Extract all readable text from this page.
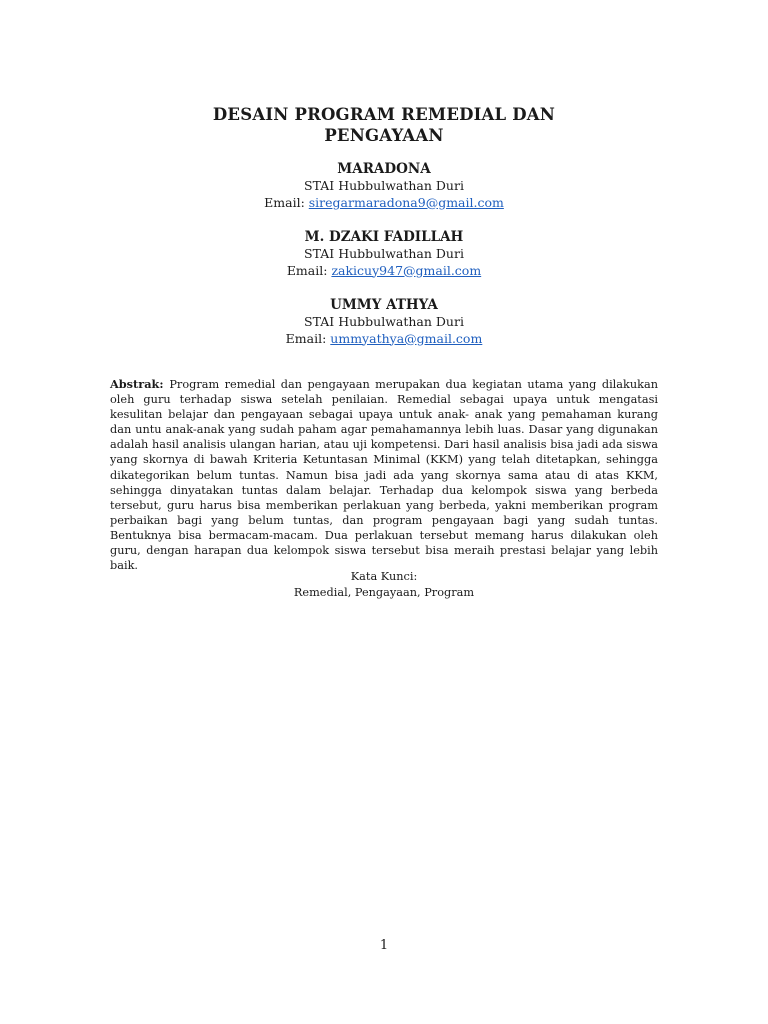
DESAIN PROGRAM REMEDIAL DAN
PENGAYAAN
MARADONA
STAI Hubbulwathan Duri
Email: siregarmaradona9@gmail.com
M. DZAKI FADILLAH
STAI Hubbulwathan Duri
Email: zakicuy947@gmail.com
UMMY ATHYA
STAI Hubbulwathan Duri
Email: ummyathya@gmail.com
Abstrak: Program remedial dan pengayaan merupakan dua kegiatan utama yang dilakukan oleh guru terhadap siswa setelah penilaian. Remedial sebagai upaya untuk mengatasi kesulitan belajar dan pengayaan sebagai upaya untuk anak- anak yang pemahaman kurang dan untu anak-anak yang sudah paham agar pemahamannya lebih luas. Dasar yang digunakan adalah hasil analisis ulangan harian, atau uji kompetensi. Dari hasil analisis bisa jadi ada siswa yang skornya di bawah Kriteria Ketuntasan Minimal (KKM) yang telah ditetapkan, sehingga dikategorikan belum tuntas. Namun bisa jadi ada yang skornya sama atau di atas KKM, sehingga dinyatakan tuntas dalam belajar. Terhadap dua kelompok siswa yang berbeda tersebut, guru harus bisa memberikan perlakuan yang berbeda, yakni memberikan program perbaikan bagi yang belum tuntas, dan program pengayaan bagi yang sudah tuntas. Bentuknya bisa bermacam-macam. Dua perlakuan tersebut memang harus dilakukan oleh guru, dengan harapan dua kelompok siswa tersebut bisa meraih prestasi belajar yang lebih baik.
Kata Kunci:
Remedial, Pengayaan, Program
1
